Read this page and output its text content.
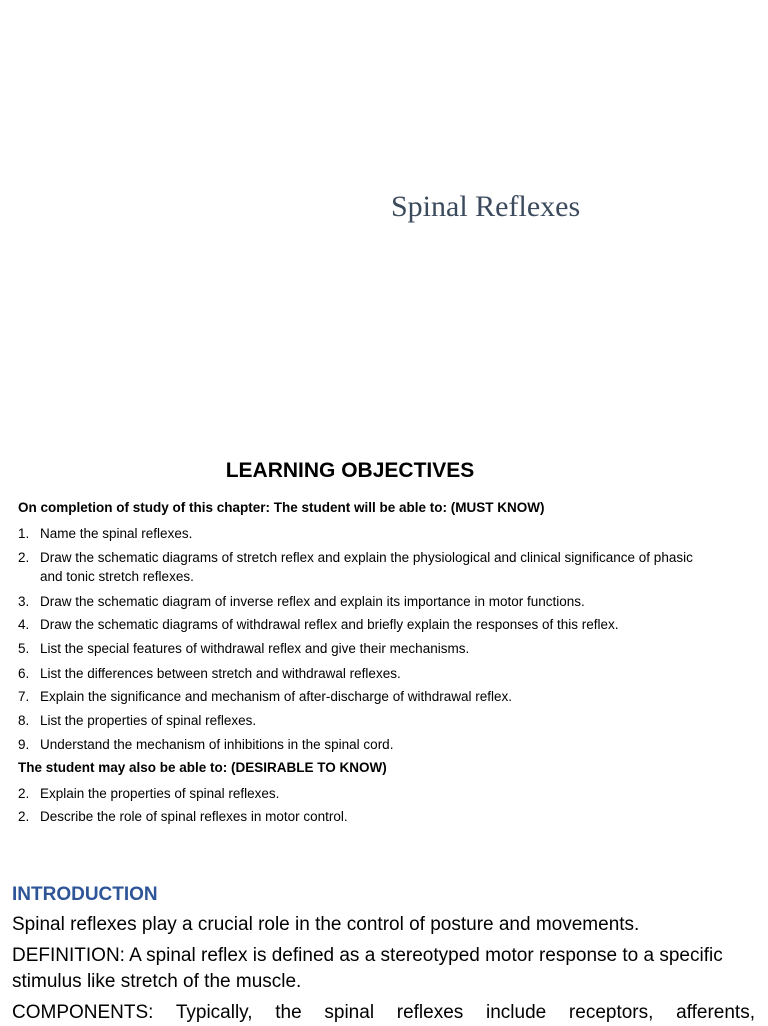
Spinal Reflexes
LEARNING OBJECTIVES
On completion of study of this chapter: The student will be able to: (MUST KNOW)
1. Name the spinal reflexes.
2. Draw the schematic diagrams of stretch reflex and explain the physiological and clinical significance of phasic and tonic stretch reflexes.
3. Draw the schematic diagram of inverse reflex and explain its importance in motor functions.
4. Draw the schematic diagrams of withdrawal reflex and briefly explain the responses of this reflex.
5. List the special features of withdrawal reflex and give their mechanisms.
6. List the differences between stretch and withdrawal reflexes.
7. Explain the significance and mechanism of after-discharge of withdrawal reflex.
8. List the properties of spinal reflexes.
9. Understand the mechanism of inhibitions in the spinal cord.
The student may also be able to: (DESIRABLE TO KNOW)
2. Explain the properties of spinal reflexes.
2. Describe the role of spinal reflexes in motor control.
INTRODUCTION

Spinal reflexes play a crucial role in the control of posture and movements.

DEFINITION: A spinal reflex is defined as a stereotyped motor response to a specific stimulus like stretch of the muscle.

COMPONENTS: Typically, the spinal reflexes include receptors, afferents,
